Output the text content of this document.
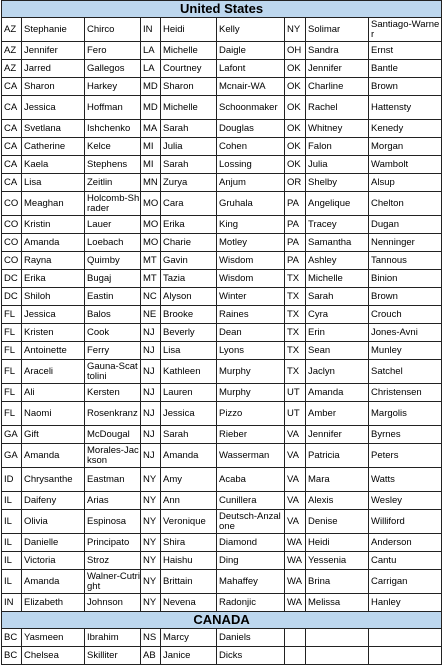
United States								
AZ	Stephanie	Chirco	IN	Heidi	Kelly	NY	Solimar	Santiago-Warner
AZ	Jennifer	Fero	LA	Michelle	Daigle	OH	Sandra	Ernst
AZ	Jarred	Gallegos	LA	Courtney	Lafont	OK	Jennifer	Bantle
CA	Sharon	Harkey	MD	Sharon	Mcnair-WA	OK	Charline	Brown
CA	Jessica	Hoffman	MD	Michelle	Schoonmaker	OK	Rachel	Hattensty
CA	Svetlana	Ishchenko	MA	Sarah	Douglas	OK	Whitney	Kenedy
CA	Catherine	Kelce	MI	Julia	Cohen	OK	Falon	Morgan
CA	Kaela	Stephens	MI	Sarah	Lossing	OK	Julia	Wambolt
CA	Lisa	Zeitlin	MN	Zurya	Anjum	OR	Shelby	Alsup
CO	Meaghan	Holcomb-Shrader	MO	Cara	Gruhala	PA	Angelique	Chelton
CO	Kristin	Lauer	MO	Erika	King	PA	Tracey	Dugan
CO	Amanda	Loebach	MO	Charie	Motley	PA	Samantha	Nenninger
CO	Rayna	Quimby	MT	Gavin	Wisdom	PA	Ashley	Tannous
DC	Erika	Bugaj	MT	Tazia	Wisdom	TX	Michelle	Binion
DC	Shiloh	Eastin	NC	Alyson	Winter	TX	Sarah	Brown
FL	Jessica	Balos	NE	Brooke	Raines	TX	Cyra	Crouch
FL	Kristen	Cook	NJ	Beverly	Dean	TX	Erin	Jones-Avni
FL	Antoinette	Ferry	NJ	Lisa	Lyons	TX	Sean	Munley
FL	Araceli	Gauna-Scattolini	NJ	Kathleen	Murphy	TX	Jaclyn	Satchel
FL	Ali	Kersten	NJ	Lauren	Murphy	UT	Amanda	Christensen
FL	Naomi	Rosenkranz	NJ	Jessica	Pizzo	UT	Amber	Margolis
GA	Gift	McDougal	NJ	Sarah	Rieber	VA	Jennifer	Byrnes
GA	Amanda	Morales-Jackson	NJ	Amanda	Wasserman	VA	Patricia	Peters
ID	Chrysanthe	Eastman	NY	Amy	Acaba	VA	Mara	Watts
IL	Daifeny	Arias	NY	Ann	Cunillera	VA	Alexis	Wesley
IL	Olivia	Espinosa	NY	Veronique	Deutsch-Anzalone	VA	Denise	Williford
IL	Danielle	Principato	NY	Shira	Diamond	WA	Heidi	Anderson
IL	Victoria	Stroz	NY	Haishu	Ding	WA	Yessenia	Cantu
IL	Amanda	Walner-Cutright	NY	Brittain	Mahaffey	WA	Brina	Carrigan
IN	Elizabeth	Johnson	NY	Nevena	Radonjic	WA	Melissa	Hanley
CANADA								
BC	Yasmeen	Ibrahim	NS	Marcy	Daniels			
BC	Chelsea	Skilliter	AB	Janice	Dicks			
